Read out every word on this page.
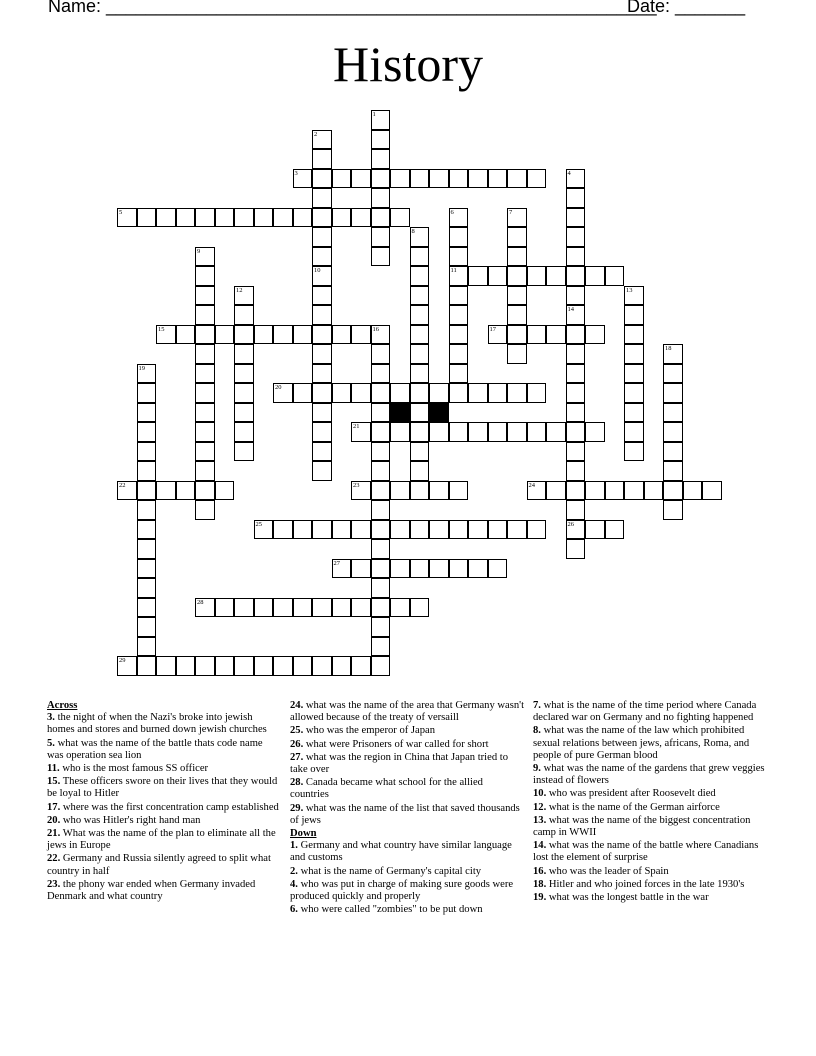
Name: _______________________________________________________
Date: _______
History
3
5
11
15	16	17
20
21
22	23	24
25	26
27
28
29
1
2
4
14
6	7
8
9
10
12	13
18
19
Across
3. the night of when the Nazi's broke into jewish homes and stores and burned down jewish churches
5. what was the name of the battle thats code name was operation sea lion
11. who is the most famous SS officer
15. These officers swore on their lives that they would be loyal to Hitler
17. where was the first concentration camp established
20. who was Hitler's right hand man
21. What was the name of the plan to eliminate all the jews in Europe
22. Germany and Russia silently agreed to split what country in half
23. the phony war ended when Germany invaded Denmark and what country
24. what was the name of the area that Germany wasn't allowed because of the treaty of versaill
25. who was the emperor of Japan
26. what were Prisoners of war called for short
27. what was the region in China that Japan tried to take over
28. Canada became what school for the allied countries
29. what was the name of the list that saved thousands of jews
Down
1. Germany and what country have similar language and customs
2. what is the name of Germany's capital city
4. who was put in charge of making sure goods were produced quickly and properly
6. who were called "zombies" to be put down
7. what is the name of the time period where Canada declared war on Germany and no fighting happened
8. what was the name of the law which prohibited sexual relations between jews, africans, Roma, and people of pure German blood
9. what was the name of the gardens that grew veggies instead of flowers
10. who was president after Roosevelt died
12. what is the name of the German airforce
13. what was the name of the biggest concentration camp in WWII
14. what was the name of the battle where Canadians lost the element of surprise
16. who was the leader of Spain
18. Hitler and who joined forces in the late 1930's
19. what was the longest battle in the war
